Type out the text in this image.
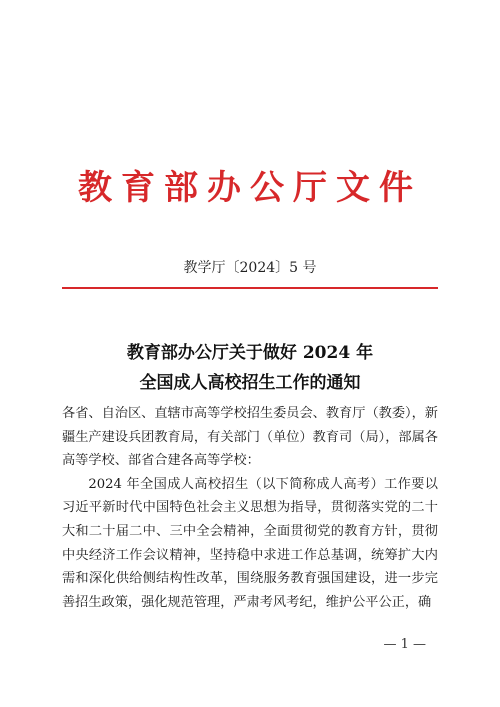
教育部办公厅文件
教学厅〔2024〕5 号
教育部办公厅关于做好 2024 年
全国成人高校招生工作的通知

各省、自治区、直辖市高等学校招生委员会、教育厅（教委），新疆生产建设兵团教育局，有关部门（单位）教育司（局），部属各高等学校、部省合建各高等学校：

2024 年全国成人高校招生（以下简称成人高考）工作要以习近平新时代中国特色社会主义思想为指导，贯彻落实党的二十大和二十届二中、三中全会精神，全面贯彻党的教育方针，贯彻中央经济工作会议精神，坚持稳中求进工作总基调，统筹扩大内需和深化供给侧结构性改革，围绕服务教育强国建设，进一步完善招生政策，强化规范管理，严肃考风考纪，维护公平公正，确

— 1 —
